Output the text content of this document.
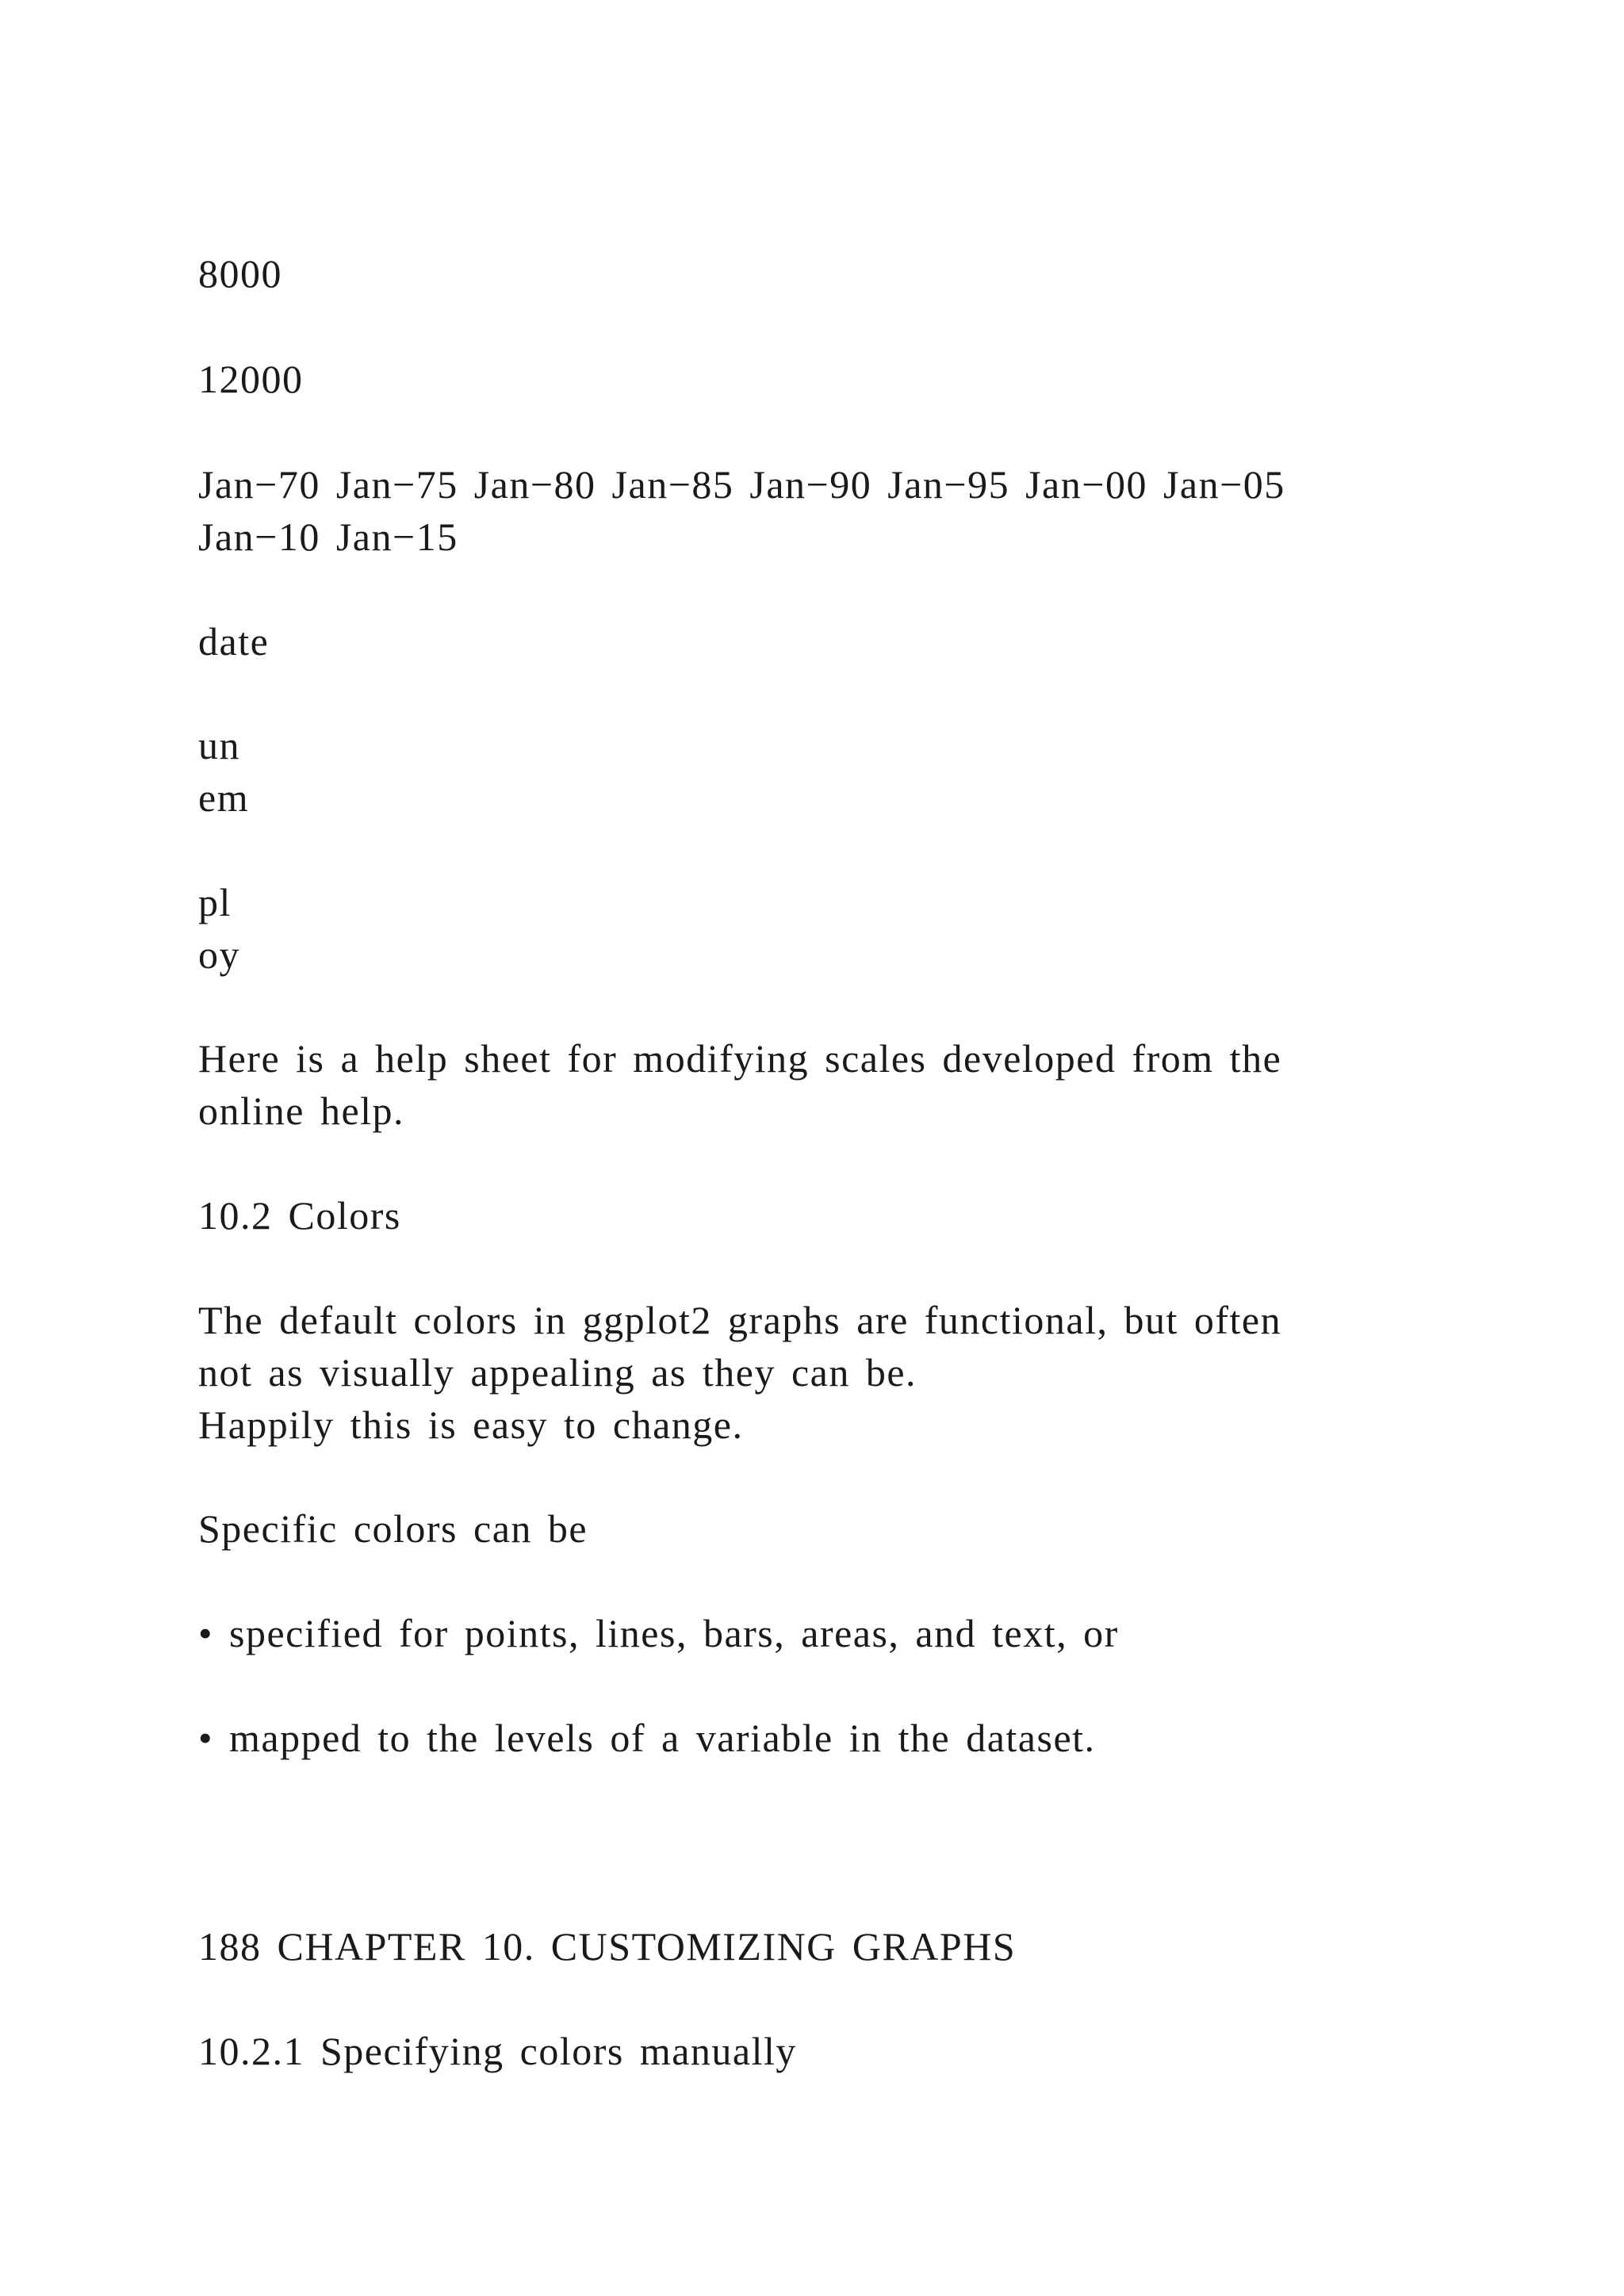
8000
12000
Jan−70 Jan−75 Jan−80 Jan−85 Jan−90 Jan−95 Jan−00 Jan−05
Jan−10 Jan−15
date
un
em
pl
oy
Here is a help sheet for modifying scales developed from the
online help.
10.2 Colors
The default colors in ggplot2 graphs are functional, but often
not as visually appealing as they can be.
Happily this is easy to change.
Specific colors can be
• specified for points, lines, bars, areas, and text, or
• mapped to the levels of a variable in the dataset.
188 CHAPTER 10. CUSTOMIZING GRAPHS
10.2.1 Specifying colors manually
